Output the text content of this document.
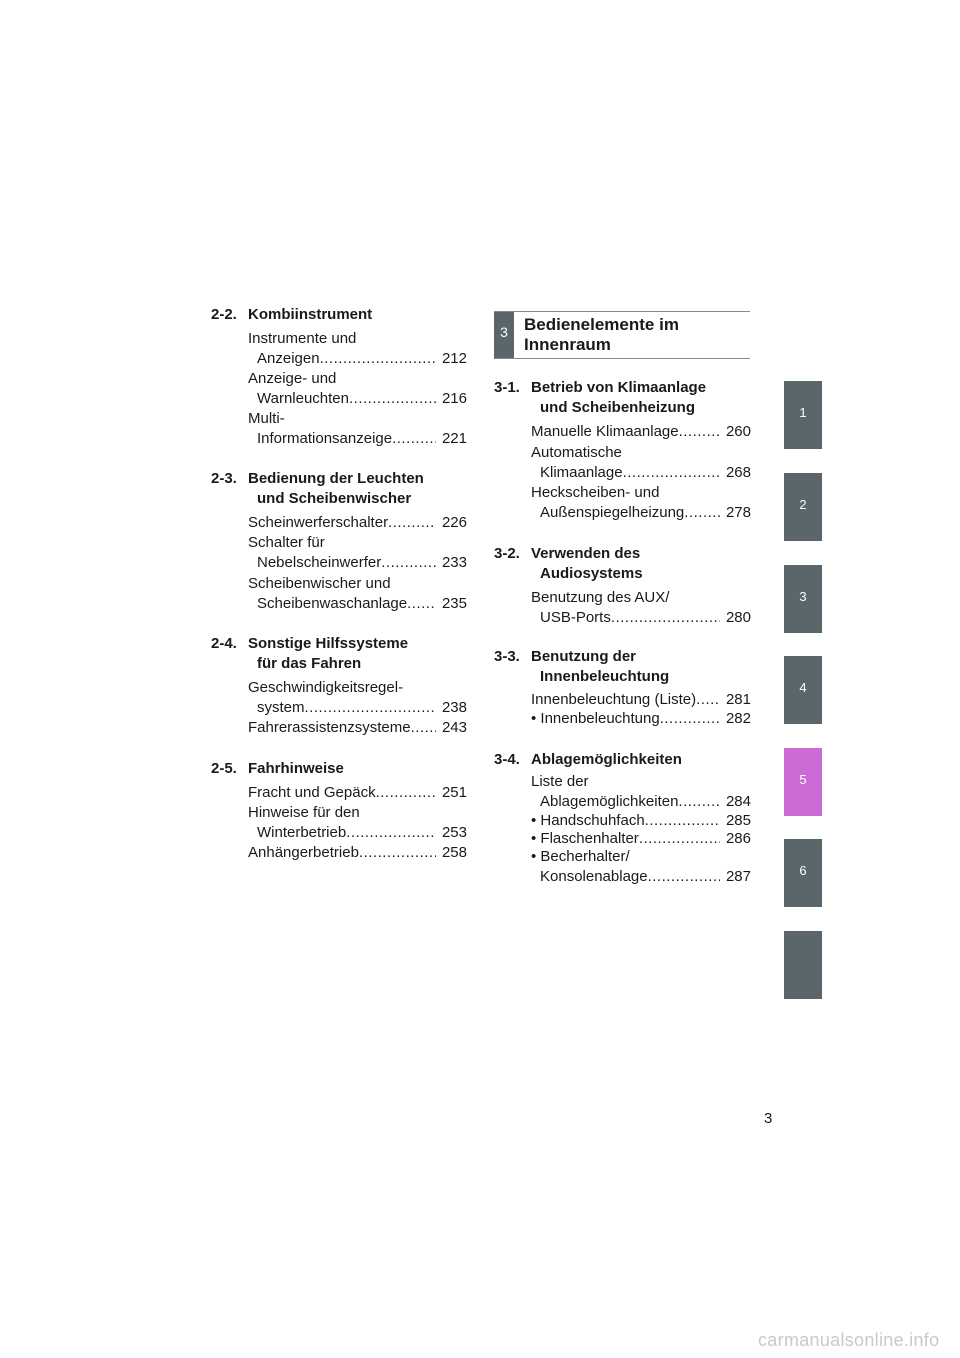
2-2. Kombiinstrument
Instrumente und
Anzeigen .....	212
Anzeige- und
Warnleuchten .....	216
Multi-
Informationsanzeige .....	221
2-3. Bedienung der Leuchten
und Scheibenwischer
Scheinwerferschalter .....	226
Schalter für
Nebelscheinwerfer .....	233
Scheibenwischer und
Scheibenwaschanlage .....	235
2-4. Sonstige Hilfssysteme
für das Fahren
Geschwindigkeitsregel-
system .....	238
Fahrerassistenzsysteme .....	243
2-5. Fahrhinweise
Fracht und Gepäck .....	251
Hinweise für den
Winterbetrieb .....	253
Anhängerbetrieb .....	258
3 Bedienelemente im
Innenraum
3-1. Betrieb von Klimaanlage
und Scheibenheizung
Manuelle Klimaanlage .....	260
Automatische
Klimaanlage .....	268
Heckscheiben- und
Außenspiegelheizung .....	278
3-2. Verwenden des
Audiosystems
Benutzung des AUX/
USB-Ports .....	280
3-3. Benutzung der
Innenbeleuchtung
Innenbeleuchtung (Liste) .....	281
• Innenbeleuchtung .....	282
3-4. Ablagemöglichkeiten
Liste der
Ablagemöglichkeiten .....	284
• Handschuhfach .....	285
• Flaschenhalter .....	286
• Becherhalter/
Konsolenablage .....	287
1
2
3
4
5
6
3
carmanualsonline.info
